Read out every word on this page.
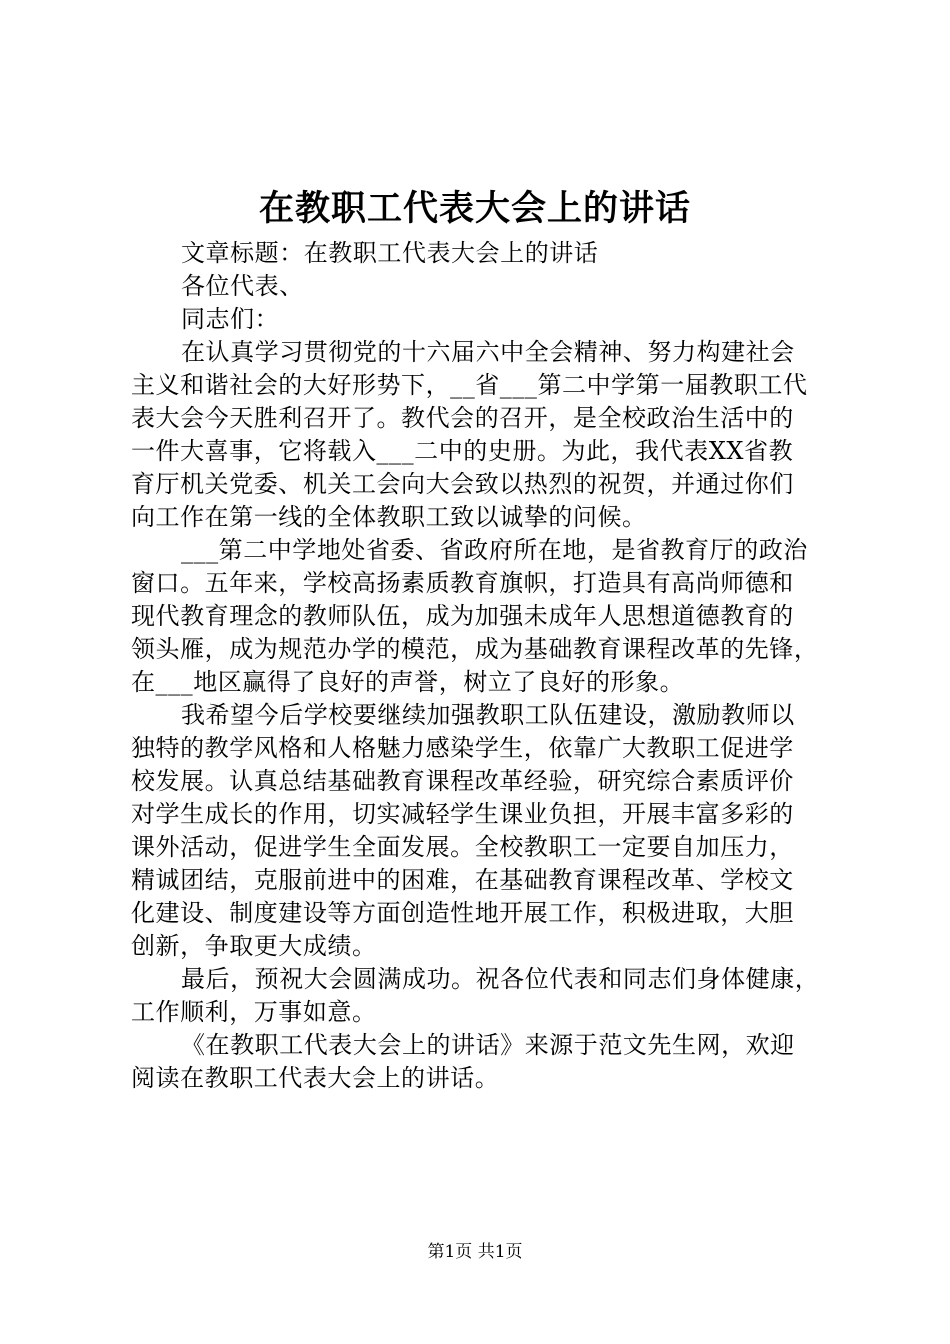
在教职工代表大会上的讲话
文章标题：在教职工代表大会上的讲话
各位代表、
同志们：
在认真学习贯彻党的十六届六中全会精神、努力构建社会
主义和谐社会的大好形势下，__省___第二中学第一届教职工代
表大会今天胜利召开了。教代会的召开，是全校政治生活中的
一件大喜事，它将载入___二中的史册。为此，我代表XX省教
育厅机关党委、机关工会向大会致以热烈的祝贺，并通过你们
向工作在第一线的全体教职工致以诚挚的问候。
___第二中学地处省委、省政府所在地，是省教育厅的政治
窗口。五年来，学校高扬素质教育旗帜，打造具有高尚师德和
现代教育理念的教师队伍，成为加强未成年人思想道德教育的
领头雁，成为规范办学的模范，成为基础教育课程改革的先锋，
在___地区赢得了良好的声誉，树立了良好的形象。
我希望今后学校要继续加强教职工队伍建设，激励教师以
独特的教学风格和人格魅力感染学生，依靠广大教职工促进学
校发展。认真总结基础教育课程改革经验，研究综合素质评价
对学生成长的作用，切实减轻学生课业负担，开展丰富多彩的
课外活动，促进学生全面发展。全校教职工一定要自加压力，
精诚团结，克服前进中的困难，在基础教育课程改革、学校文
化建设、制度建设等方面创造性地开展工作，积极进取，大胆
创新，争取更大成绩。
最后，预祝大会圆满成功。祝各位代表和同志们身体健康，
工作顺利，万事如意。
《在教职工代表大会上的讲话》来源于范文先生网，欢迎
阅读在教职工代表大会上的讲话。
第1页 共1页
